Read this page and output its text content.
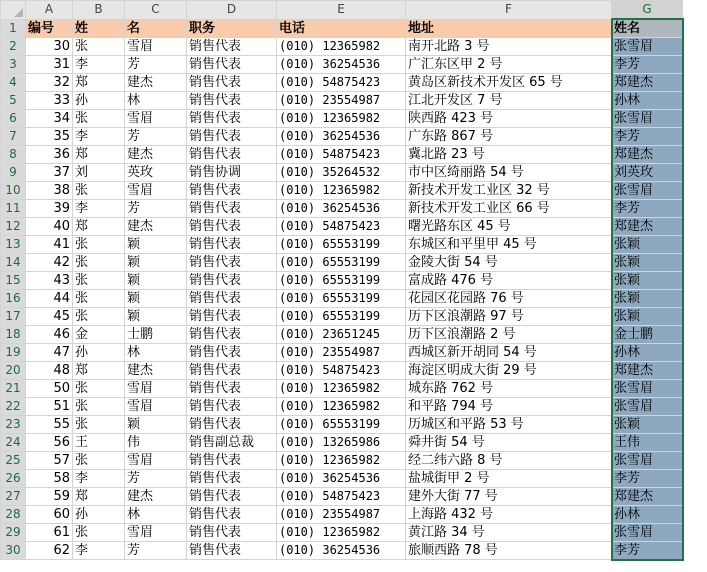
	A	B	C	D	E	F	G
1	编号	姓	名	职务	电话	地址	姓名
2	30	张	雪眉	销售代表	(010) 12365982	南开北路 3 号	张雪眉
3	31	李	芳	销售代表	(010) 36254536	广汇东区甲 2 号	李芳
4	32	郑	建杰	销售代表	(010) 54875423	黄岛区新技术开发区 65 号	郑建杰
5	33	孙	林	销售代表	(010) 23554987	江北开发区 7 号	孙林
6	34	张	雪眉	销售代表	(010) 12365982	陕西路 423 号	张雪眉
7	35	李	芳	销售代表	(010) 36254536	广东路 867 号	李芳
8	36	郑	建杰	销售代表	(010) 54875423	冀北路 23 号	郑建杰
9	37	刘	英玫	销售协调	(010) 35264532	市中区绮丽路 54 号	刘英玫
10	38	张	雪眉	销售代表	(010) 12365982	新技术开发工业区 32 号	张雪眉
11	39	李	芳	销售代表	(010) 36254536	新技术开发工业区 66 号	李芳
12	40	郑	建杰	销售代表	(010) 54875423	曙光路东区 45 号	郑建杰
13	41	张	颖	销售代表	(010) 65553199	东城区和平里甲 45 号	张颖
14	42	张	颖	销售代表	(010) 65553199	金陵大街 54 号	张颖
15	43	张	颖	销售代表	(010) 65553199	富成路 476 号	张颖
16	44	张	颖	销售代表	(010) 65553199	花园区花园路 76 号	张颖
17	45	张	颖	销售代表	(010) 65553199	历下区浪潮路 97 号	张颖
18	46	金	士鹏	销售代表	(010) 23651245	历下区浪潮路 2 号	金士鹏
19	47	孙	林	销售代表	(010) 23554987	西城区新开胡同 54 号	孙林
20	48	郑	建杰	销售代表	(010) 54875423	海淀区明成大街 29 号	郑建杰
21	50	张	雪眉	销售代表	(010) 12365982	城东路 762 号	张雪眉
22	51	张	雪眉	销售代表	(010) 12365982	和平路 794 号	张雪眉
23	55	张	颖	销售代表	(010) 65553199	历城区和平路 53 号	张颖
24	56	王	伟	销售副总裁	(010) 13265986	舜井街 54 号	王伟
25	57	张	雪眉	销售代表	(010) 12365982	经二纬六路 8 号	张雪眉
26	58	李	芳	销售代表	(010) 36254536	盐城街甲 2 号	李芳
27	59	郑	建杰	销售代表	(010) 54875423	建外大街 77 号	郑建杰
28	60	孙	林	销售代表	(010) 23554987	上海路 432 号	孙林
29	61	张	雪眉	销售代表	(010) 12365982	黄江路 34 号	张雪眉
30	62	李	芳	销售代表	(010) 36254536	旅顺西路 78 号	李芳
